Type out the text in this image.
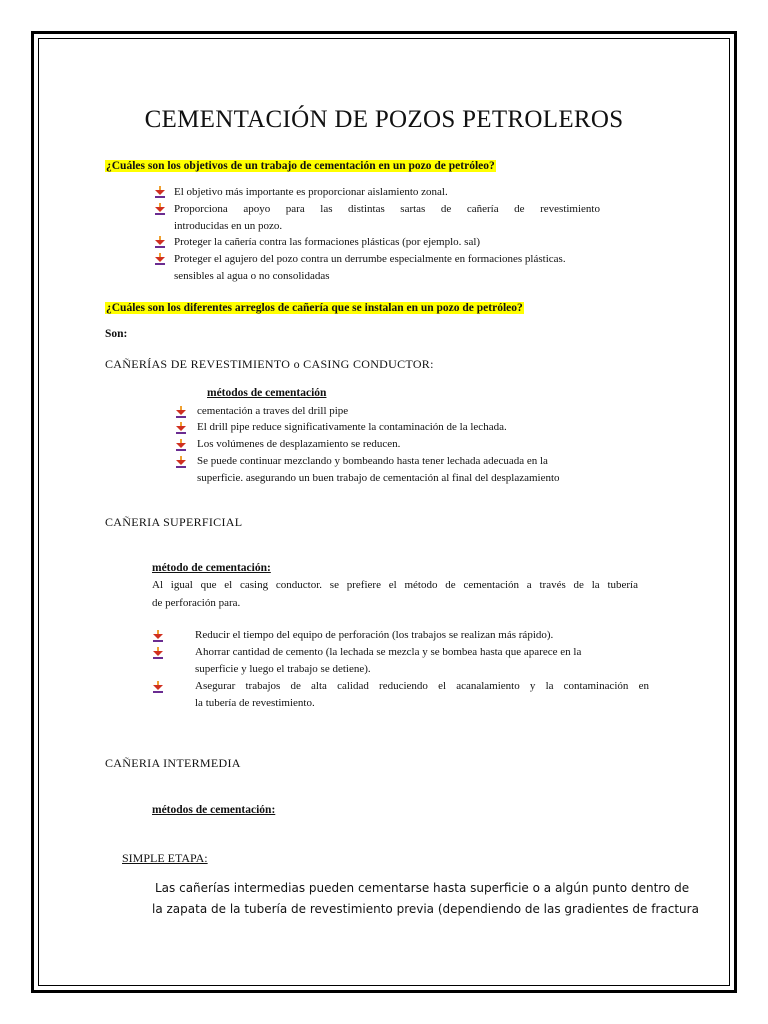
CEMENTACIÓN DE POZOS PETROLEROS
¿Cuáles son los objetivos de un trabajo de cementación en un pozo de petróleo?
El objetivo más importante es proporcionar aislamiento zonal.
Proporciona apoyo para las distintas sartas de cañería de revestimiento
introducidas en un pozo.
Proteger la cañería contra las formaciones plásticas (por ejemplo. sal)
Proteger el agujero del pozo contra un derrumbe especialmente en formaciones plásticas.
sensibles al agua o no consolidadas
¿Cuáles son los diferentes arreglos de cañería que se instalan en un pozo de petróleo?
Son:
CAÑERÍAS DE REVESTIMIENTO o CASING CONDUCTOR:
métodos de cementación
cementación a traves del drill pipe
El drill pipe reduce significativamente la contaminación de la lechada.
Los volúmenes de desplazamiento se reducen.
Se puede continuar mezclando y bombeando hasta tener lechada adecuada en la
superficie. asegurando un buen trabajo de cementación al final del desplazamiento
CAÑERIA SUPERFICIAL
método de cementación:
Al igual que el casing conductor. se prefiere el método de cementación a través de la tubería
de perforación para.
Reducir el tiempo del equipo de perforación (los trabajos se realizan más rápido).
Ahorrar cantidad de cemento (la lechada se mezcla y se bombea hasta que aparece en la
superficie y luego el trabajo se detiene).
Asegurar trabajos de alta calidad reduciendo el acanalamiento y la contaminación en
la tubería de revestimiento.
CAÑERIA INTERMEDIA
métodos de cementación:
SIMPLE ETAPA:
Las cañerías intermedias pueden cementarse hasta superficie o a algún punto dentro de
la zapata de la tubería de revestimiento previa (dependiendo de las gradientes de fractura
